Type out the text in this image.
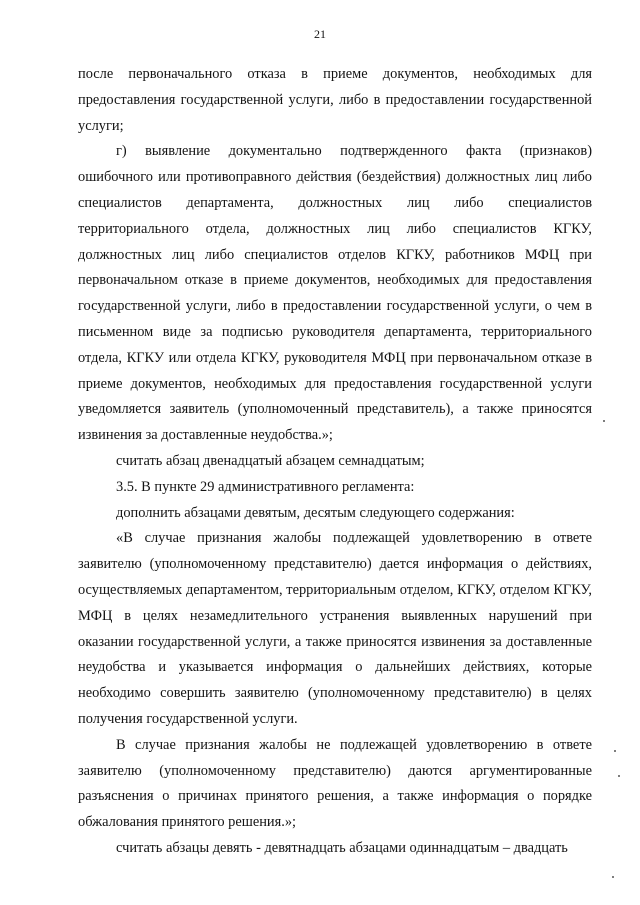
21

после первоначального отказа в приеме документов, необходимых для предоставления государственной услуги, либо в предоставлении государственной услуги;

г) выявление документально подтвержденного факта (признаков) ошибочного или противоправного действия (бездействия) должностных лиц либо специалистов департамента, должностных лиц либо специалистов территориального отдела, должностных лиц либо специалистов КГКУ, должностных лиц либо специалистов отделов КГКУ, работников МФЦ при первоначальном отказе в приеме документов, необходимых для предоставления государственной услуги, либо в предоставлении государственной услуги, о чем в письменном виде за подписью руководителя департамента, территориального отдела, КГКУ или отдела КГКУ, руководителя МФЦ при первоначальном отказе в приеме документов, необходимых для предоставления государственной услуги уведомляется заявитель (уполномоченный представитель), а также приносятся извинения за доставленные неудобства.»;

считать абзац двенадцатый абзацем семнадцатым;

3.5. В пункте 29 административного регламента:

дополнить абзацами девятым, десятым следующего содержания:

«В случае признания жалобы подлежащей удовлетворению в ответе заявителю (уполномоченному представителю) дается информация о действиях, осуществляемых департаментом, территориальным отделом, КГКУ, отделом КГКУ, МФЦ в целях незамедлительного устранения выявленных нарушений при оказании государственной услуги, а также приносятся извинения за доставленные неудобства и указывается информация о дальнейших действиях, которые необходимо совершить заявителю (уполномоченному представителю) в целях получения государственной услуги.

В случае признания жалобы не подлежащей удовлетворению в ответе заявителю (уполномоченному представителю) даются аргументированные разъяснения о причинах принятого решения, а также информация о порядке обжалования принятого решения.»;

считать абзацы девять - девятнадцать абзацами одиннадцатым – двадцать
